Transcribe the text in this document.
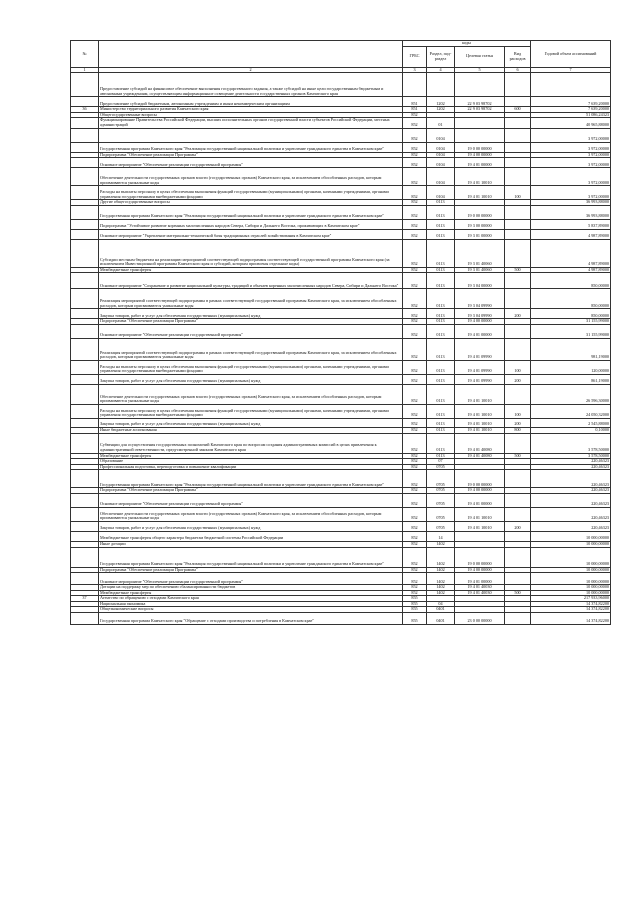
№		коды				Годовой объем ассигнований
		ГРБС	Раздел, под-раздел	Целевая статья	Вид расходов	
1	2	3	4	5	6	7
	Предоставление субсидий на финансовое обеспечение выполнения государственного задания, а также субсидий на иные цели государственным бюджетным и автономным учреждениям, осуществляющим информационное освещение деятельности государственных органов Камчатского края					
	Предоставление субсидий бюджетным, автономным учреждениям и иным некоммерческим организациям	851	1202	22 9 03 98702		7 639,20000
36	Министерство территориального развития Камчатского края	851	1202	22 9 03 98702	600	7 639,20000
	Общегосударственные вопросы	852				51 086,24323
	Функционирование Правительства Российской Федерации, высших исполнительных органов государственной власти субъектов Российской Федерации, местных администраций	852	01			40 965,88000
		852	0104			3 972,00000
	Государственная программа Камчатского края "Реализация государственной национальной политики и укрепление гражданского единства в Камчатском крае"	852	0104	19 0 00 00000		3 972,00000
	Подпрограмма "Обеспечение реализации Программы"	852	0104	19 4 00 00000		3 972,00000
	Основное мероприятие "Обеспечение реализации государственной программы"	852	0104	19 4 01 00000		3 972,00000
	Обеспечение деятельности государственных органов власти (государственных органов) Камчатского края, за исключением обособленных расходов, которым присваиваются уникальные коды	852	0104	19 4 01 10010		3 972,00000
	Расходы на выплаты персоналу в целях обеспечения выполнения функций государственными (муниципальными) органами, казенными учреждениями, органами управления государственными внебюджетными фондами	852	0104	19 4 01 10010	100	3 972,00000
	Другие общегосударственные вопросы	852	0113			36 993,88000
	Государственная программа Камчатского края "Реализация государственной национальной политики и укрепление гражданского единства в Камчатском крае"	852	0113	19 0 00 00000		36 993,88000
	Подпрограмма "Устойчивое развитие коренных малочисленных народов Севера, Сибири и Дальнего Востока, проживающих в Камчатском крае"	852	0113	19 3 00 00000		5 837,89000
	Основное мероприятие "Укрепление материально-технической базы традиционных отраслей хозяйствования в Камчатском крае"	852	0113	19 3 01 00000		4 987,89000
	Субсидии местным бюджетам на реализацию мероприятий соответствующей подпрограммы соответствующей государственной программы Камчатского края (за исключением Инвестиционной программы Камчатского края и субсидий, которым присвоены отдельные коды)	852	0113	19 3 01 40060		4 987,89000
	Межбюджетные трансферты	852	0113	19 3 01 40060	500	4 987,89000
	Основное мероприятие "Сохранение и развитие национальной культуры, традиций и обычаев коренных малочисленных народов Севера, Сибири и Дальнего Востока"	852	0113	19 3 04 00000		850,00000
	Реализация мероприятий соответствующей подпрограммы в рамках соответствующей государственной программы Камчатского края, за исключением обособленных расходов, которым присваиваются уникальные коды	852	0113	19 3 04 09990		850,00000
	Закупка товаров, работ и услуг для обеспечения государственных (муниципальных) нужд	852	0113	19 3 04 09990	200	850,00000
	Подпрограмма "Обеспечение реализации Программы"	852	0113	19 4 00 00000		31 155,99000
	Основное мероприятие "Обеспечение реализации государственной программы"	852	0113	19 4 01 00000		31 155,99000
	Реализация мероприятий соответствующей подпрограммы в рамках соответствующей государственной программы Камчатского края, за исключением обособленных расходов, которым присваиваются уникальные коды	852	0113	19 4 01 09990		981,19000
	Расходы на выплаты персоналу в целях обеспечения выполнения функций государственными (муниципальными) органами, казенными учреждениями, органами управления государственными внебюджетными фондами	852	0113	19 4 01 09990	100	120,00000
	Закупка товаров, работ и услуг для обеспечения государственных (муниципальных) нужд	852	0113	19 4 01 09990	200	861,19000
	Обеспечение деятельности государственных органов власти (государственных органов) Камчатского края, за исключением обособленных расходов, которым присваиваются уникальные коды	852	0113	19 4 01 10010		26 596,30000
	Расходы на выплаты персоналу в целях обеспечения выполнения функций государственными (муниципальными) органами, казенными учреждениями, органами управления государственными внебюджетными фондами	852	0113	19 4 01 10010	100	24 050,32000
	Закупка товаров, работ и услуг для обеспечения государственных (муниципальных) нужд	852	0113	19 4 01 10010	200	2 545,88000
	Иные бюджетные ассигнования	852	0113	19 4 01 10010	800	0,10000
	Субвенции для осуществления государственных полномочий Камчатского края по вопросам создания административных комиссий в целях привлечения к административной ответственности, предусмотренной законом Камчатского края	852	0113	19 4 01 40080		3 578,50000
	Межбюджетные трансферты	852	0113	19 4 01 40080	500	3 578,50000
	Образование	852	07			220,46323
	Профессиональная подготовка, переподготовка и повышение квалификации	852	0705			220,46323
	Государственная программа Камчатского края "Реализация государственной национальной политики и укрепление гражданского единства в Камчатском крае"	852	0705	19 0 00 00000		220,46323
	Подпрограмма "Обеспечение реализации Программы"	852	0705	19 4 00 00000		220,46323
	Основное мероприятие "Обеспечение реализации государственной программы"	852	0705	19 4 01 00000		220,46323
	Обеспечение деятельности государственных органов власти (государственных органов) Камчатского края, за исключением обособленных расходов, которым присваиваются уникальные коды	852	0705	19 4 01 10010		220,46323
	Закупка товаров, работ и услуг для обеспечения государственных (муниципальных) нужд	852	0705	19 4 01 10010	200	220,46323
	Межбюджетные трансферты общего характера бюджетам бюджетной системы Российской Федерации	852	14			10 000,00000
	Иные дотации	852	1402			10 000,00000
	Государственная программа Камчатского края "Реализация государственной национальной политики и укрепление гражданского единства в Камчатском крае"	852	1402	19 0 00 00000		10 000,00000
	Подпрограмма "Обеспечение реализации Программы"	852	1402	19 4 00 00000		10 000,00000
	Основное мероприятие "Обеспечение реализации государственной программы"	852	1402	19 4 01 00000		10 000,00000
	Дотации на поддержку мер по обеспечению сбалансированности бюджетов	852	1402	19 4 01 40030		10 000,00000
	Межбюджетные трансферты	852	1402	19 4 01 40030	500	10 000,00000
37	Агентство по обращению с отходами Камчатского края	855				217 933,96000
	Национальная экономика	855	04			14 374,82200
	Общеэкономические вопросы	855	0401			14 374,82200
	Государственная программа Камчатского края "Обращение с отходами производства и потребления в Камчатском крае"	855	0401	23 0 00 00000		14 374,82200
